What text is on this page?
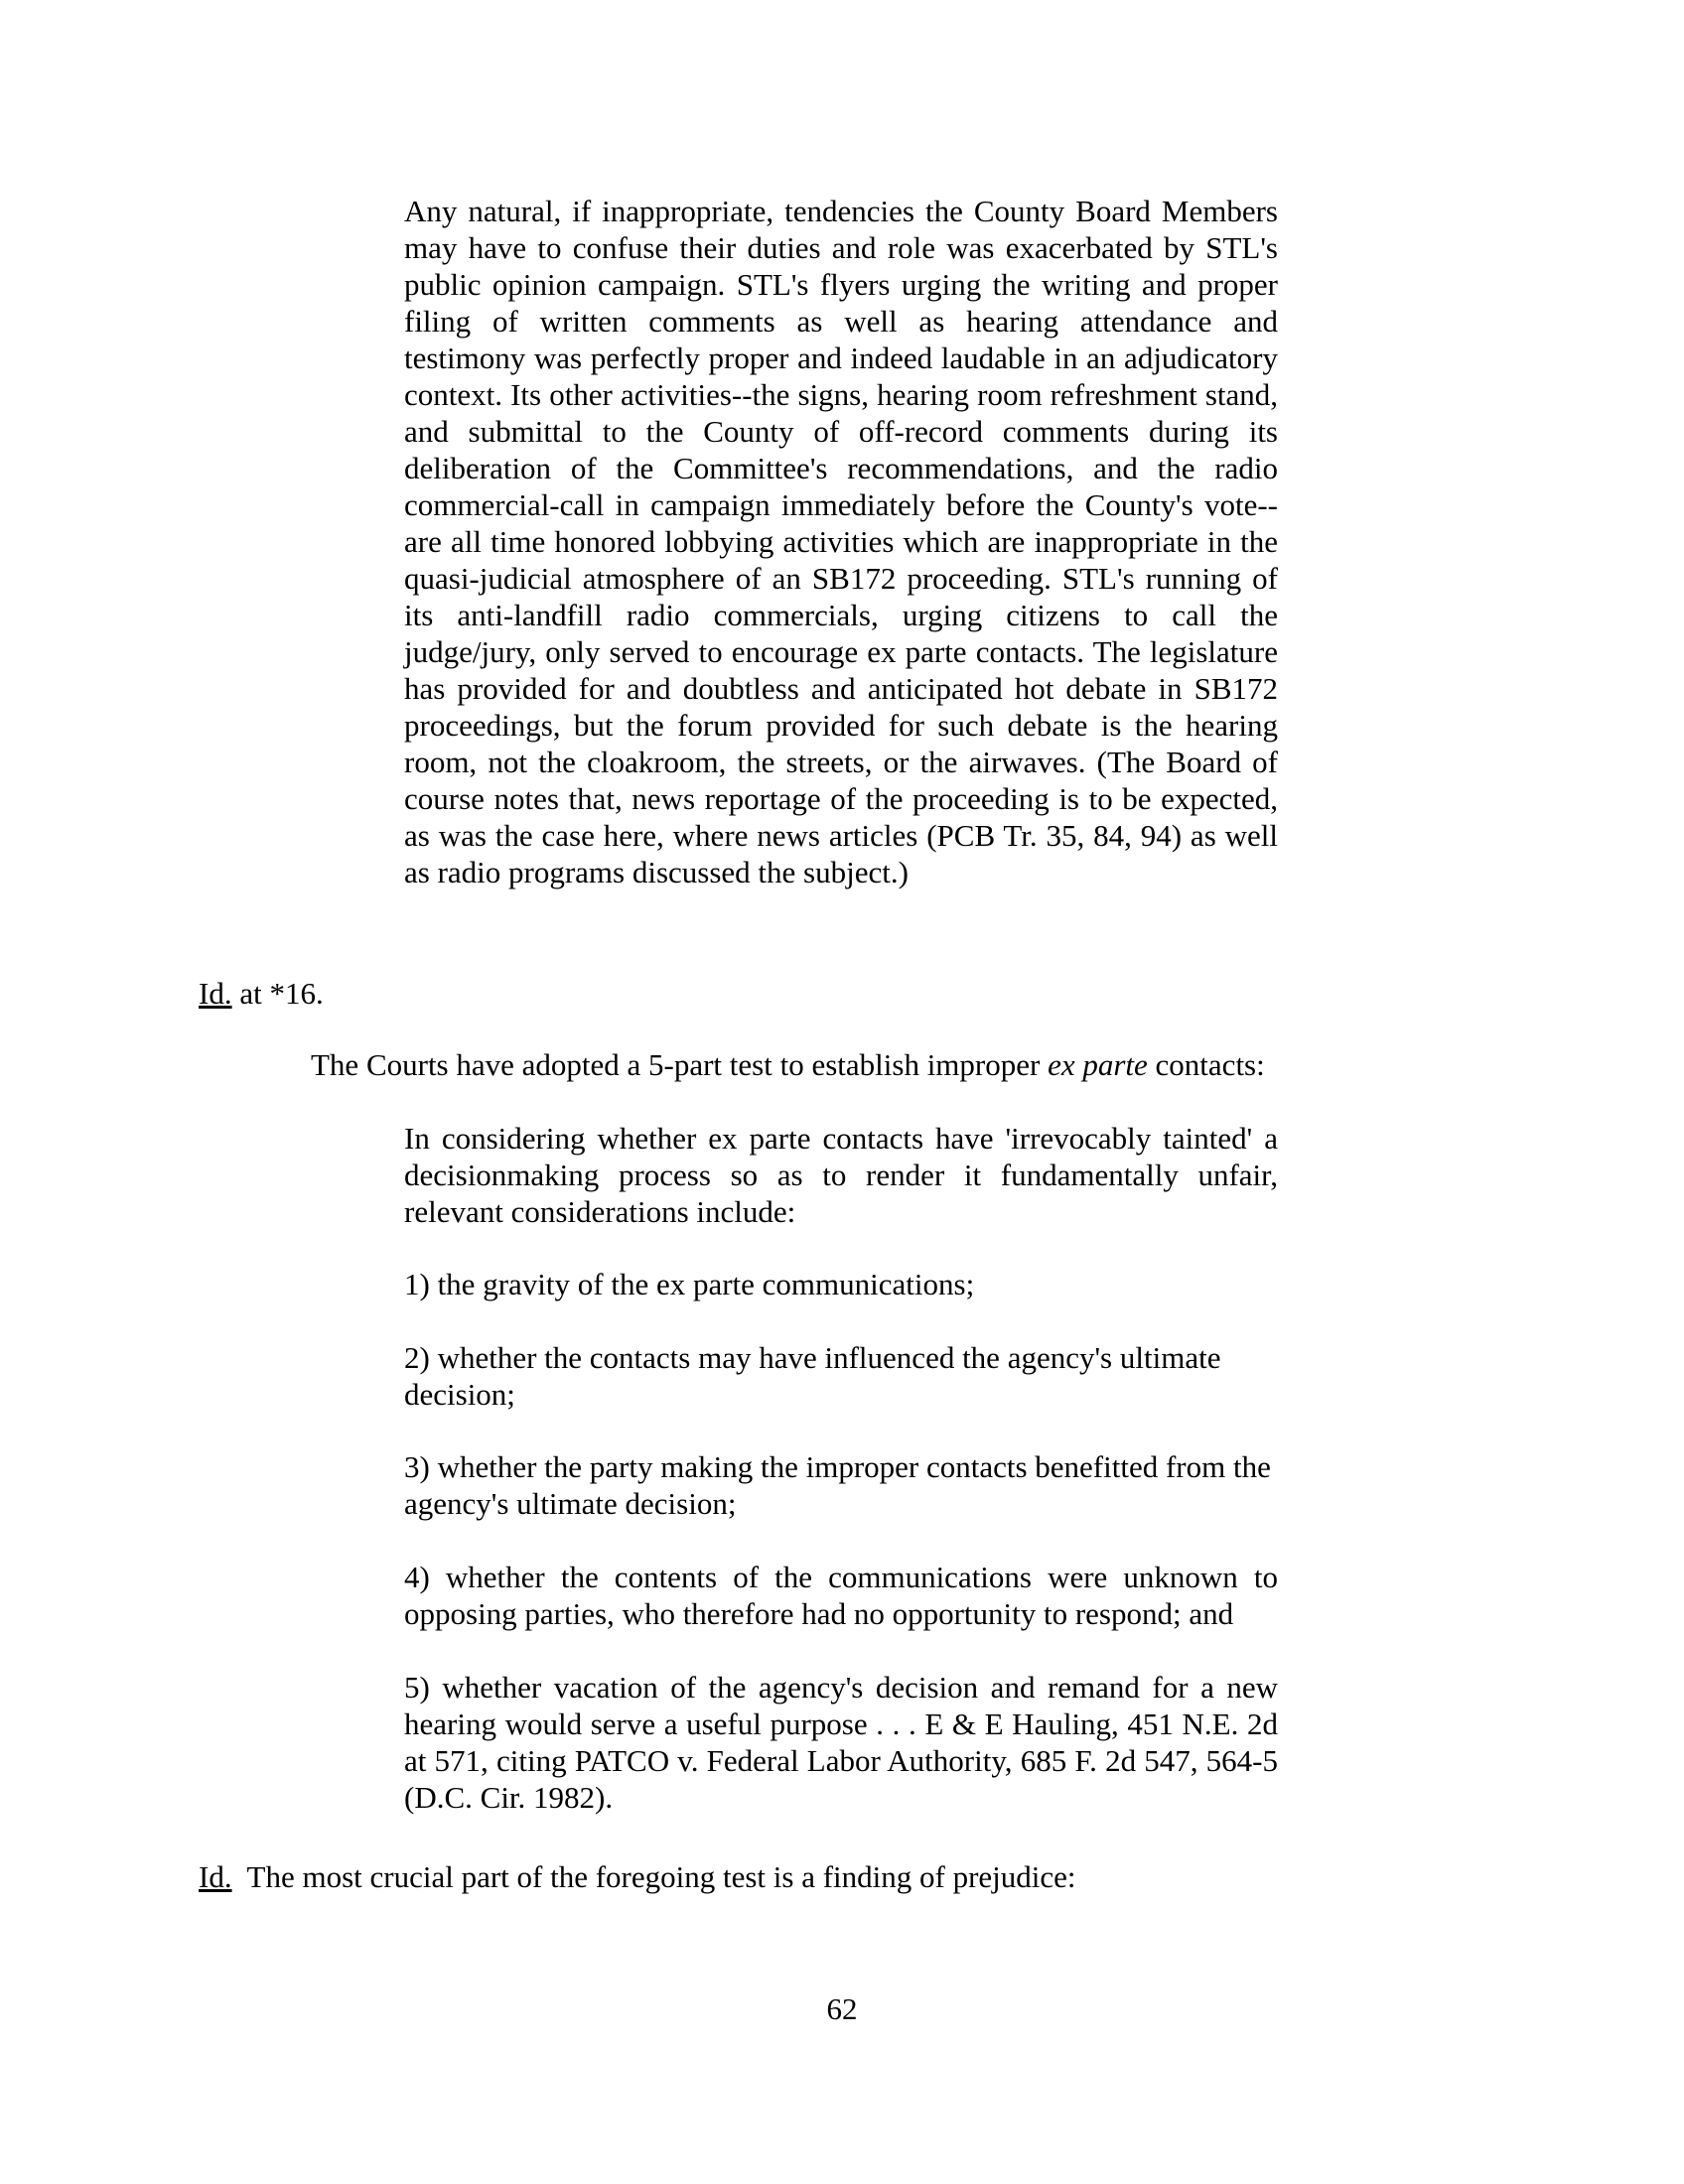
Any natural, if inappropriate, tendencies the County Board Members may have to confuse their duties and role was exacerbated by STL's public opinion campaign. STL's flyers urging the writing and proper filing of written comments as well as hearing attendance and testimony was perfectly proper and indeed laudable in an adjudicatory context. Its other activities--the signs, hearing room refreshment stand, and submittal to the County of off-record comments during its deliberation of the Committee's recommendations, and the radio commercial-call in campaign immediately before the County's vote--are all time honored lobbying activities which are inappropriate in the quasi-judicial atmosphere of an SB172 proceeding. STL's running of its anti-landfill radio commercials, urging citizens to call the judge/jury, only served to encourage ex parte contacts. The legislature has provided for and doubtless and anticipated hot debate in SB172 proceedings, but the forum provided for such debate is the hearing room, not the cloakroom, the streets, or the airwaves. (The Board of course notes that, news reportage of the proceeding is to be expected, as was the case here, where news articles (PCB Tr. 35, 84, 94) as well as radio programs discussed the subject.)

Id. at *16.

The Courts have adopted a 5-part test to establish improper ex parte contacts:

In considering whether ex parte contacts have 'irrevocably tainted' a decisionmaking process so as to render it fundamentally unfair, relevant considerations include:

1) the gravity of the ex parte communications;

2) whether the contacts may have influenced the agency's ultimate decision;

3) whether the party making the improper contacts benefitted from the agency's ultimate decision;

4) whether the contents of the communications were unknown to opposing parties, who therefore had no opportunity to respond; and

5) whether vacation of the agency's decision and remand for a new hearing would serve a useful purpose . . . E & E Hauling, 451 N.E. 2d at 571, citing PATCO v. Federal Labor Authority, 685 F. 2d 547, 564-5 (D.C. Cir. 1982).

Id.  The most crucial part of the foregoing test is a finding of prejudice:

62
